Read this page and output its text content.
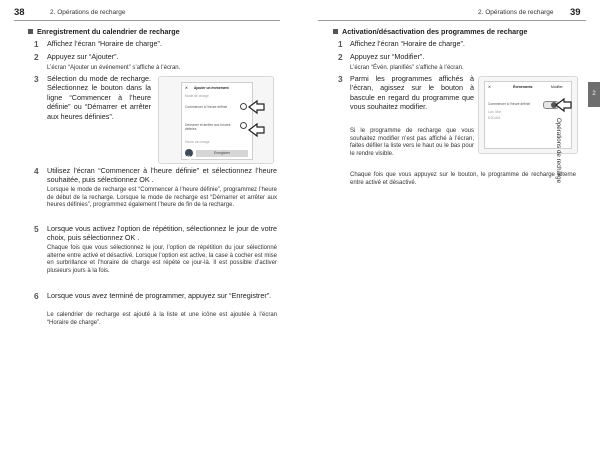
38	2. Opérations de recharge	2. Opérations de recharge 39
Enregistrement du calendrier de recharge
1 Affichez l’écran “Horaire de charge”.
2 Appuyez sur “Ajouter”.
L’écran “Ajouter un événement” s’affiche à l’écran.
3 Sélection du mode de recharge. Sélectionnez le bouton dans la ligne “Commencer à l’heure définie” ou “Démarrer et arrêter aux heures définies”.
✕ Ajouter un événement
Mode de charge
Commencer à l’heure définie
Démarrer et arrêter aux heures définies
Heure de charge
Enregistrer
4 Utilisez l’écran “Commencer à l’heure définie” et sélectionnez l’heure souhaitée, puis sélectionnez OK .
Lorsque le mode de recharge est “Commencer à l’heure définie”, programmez l’heure de début de la recharge. Lorsque le mode de recharge est “Démarrer et arrêter aux heures définies”, programmez également l’heure de fin de la recharge.
5 Lorsque vous activez l’option de répétition, sélectionnez le jour de votre choix, puis sélectionnez OK .
Chaque fois que vous sélectionnez le jour, l’option de répétition du jour sélectionné alterne entre activé et désactivé. Lorsque l’option est active, la case à cocher est mise en surbrillance et l’horaire de charge est répété ce jour-là. Il est possible d’activer plusieurs jours à la fois.
6 Lorsque vous avez terminé de programmer, appuyez sur “Enregistrer”.
Le calendrier de recharge est ajouté à la liste et une icône est ajoutée à l’écran “Horaire de charge”.
Activation/désactivation des programmes de recharge
1 Affichez l’écran “Horaire de charge”.
2 Appuyez sur “Modifier”.
L’écran “Évén. planifiés” s’affiche à l’écran.
3 Parmi les programmes affichés à l’écran, agissez sur le bouton à bascule en regard du programme que vous souhaitez modifier.
Si le programme de recharge que vous souhaitez modifier n’est pas affiché à l’écran, faites défiler la liste vers le haut ou le bas pour le rendre visible.
Chaque fois que vous appuyez sur le bouton, le programme de recharge alterne entre activé et désactivé.
✕	Événements	Modifier
Commencer à l’heure définie
Lun, Mar
8:00 AM
2
Opérations de recharge
